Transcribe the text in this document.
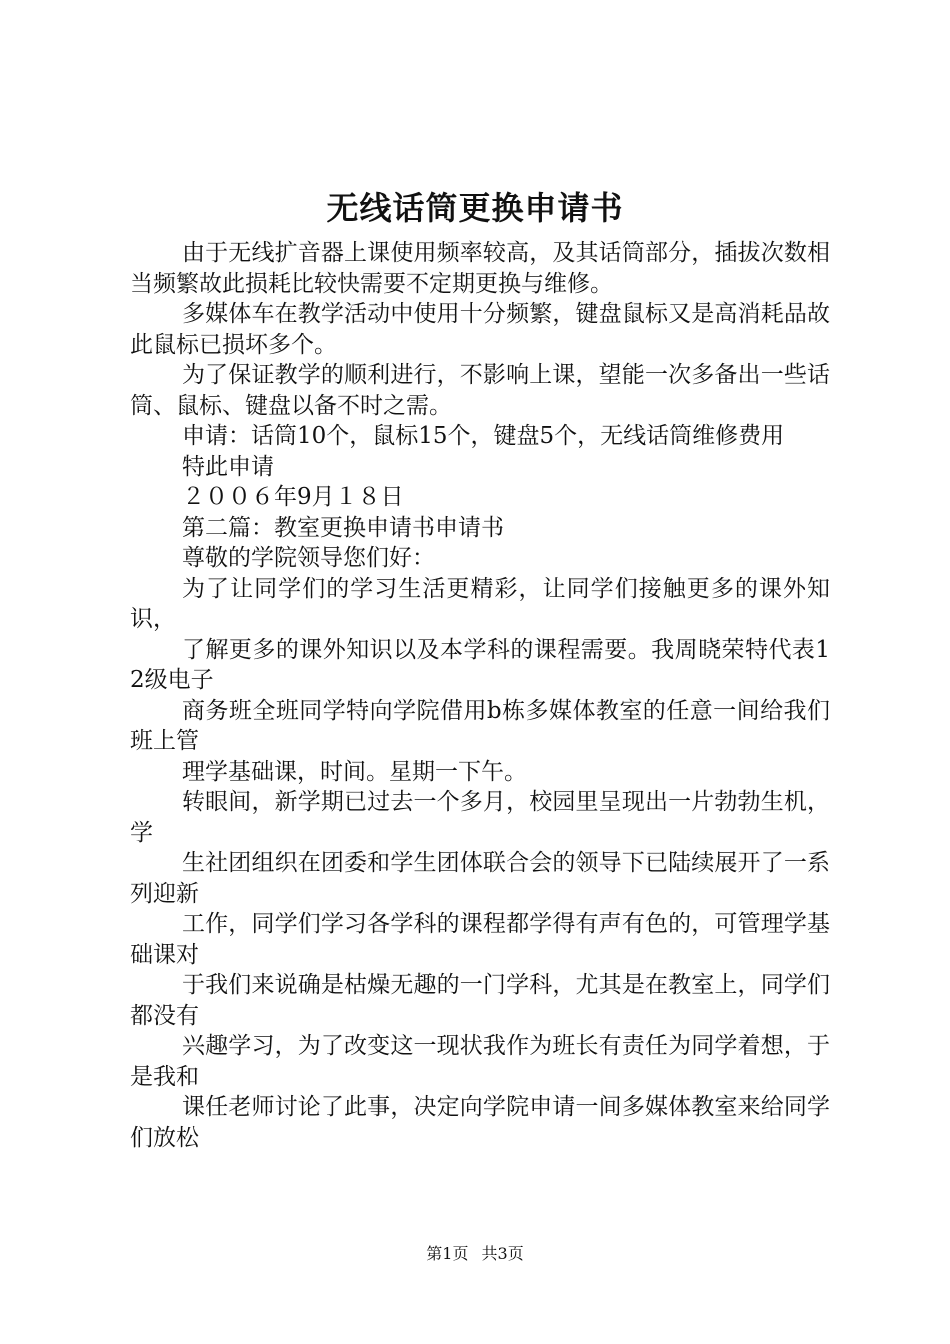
无线话筒更换申请书

由于无线扩音器上课使用频率较高，及其话筒部分，插拔次数相当频繁故此损耗比较快需要不定期更换与维修。

多媒体车在教学活动中使用十分频繁，键盘鼠标又是高消耗品故此鼠标已损坏多个。

为了保证教学的顺利进行，不影响上课，望能一次多备出一些话筒、鼠标、键盘以备不时之需。

申请：话筒10个，鼠标15个，键盘5个，无线话筒维修费用

特此申请

２００６年9月１８日

第二篇：教室更换申请书申请书

尊敬的学院领导您们好：

为了让同学们的学习生活更精彩，让同学们接触更多的课外知识，

了解更多的课外知识以及本学科的课程需要。我周晓荣特代表12级电子

商务班全班同学特向学院借用b栋多媒体教室的任意一间给我们班上管

理学基础课，时间。星期一下午。

转眼间，新学期已过去一个多月，校园里呈现出一片勃勃生机，学

生社团组织在团委和学生团体联合会的领导下已陆续展开了一系列迎新

工作，同学们学习各学科的课程都学得有声有色的，可管理学基础课对

于我们来说确是枯燥无趣的一门学科，尤其是在教室上，同学们都没有

兴趣学习，为了改变这一现状我作为班长有责任为同学着想，于是我和

课任老师讨论了此事，决定向学院申请一间多媒体教室来给同学们放松

第1页 共3页
